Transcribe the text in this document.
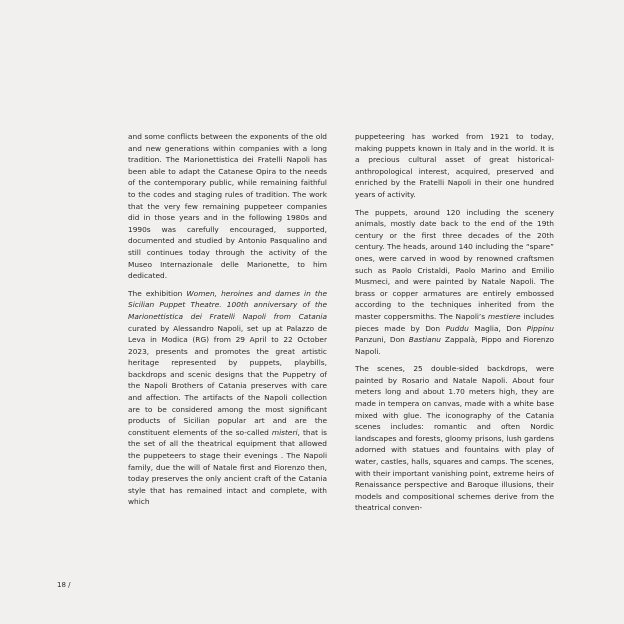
and some conflicts between the exponents of the old and new generations within companies with a long tradition. The Marionettistica dei Fratelli Napoli has been able to adapt the Catanese Opira to the needs of the contemporary public, while remaining faithful to the codes and staging rules of tradition. The work that the very few remaining puppeteer companies did in those years and in the following 1980s and 1990s was carefully encouraged, supported, documented and studied by Antonio Pasqualino and still continues today through the activity of the Museo Internazionale delle Marionette, to him dedicated.

The exhibition Women, heroines and dames in the Sicilian Puppet Theatre. 100th anniversary of the Marionettistica dei Fratelli Napoli from Catania curated by Alessandro Napoli, set up at Palazzo de Leva in Modica (RG) from 29 April to 22 October 2023, presents and promotes the great artistic heritage represented by puppets, playbills, backdrops and scenic designs that the Puppetry of the Napoli Brothers of Catania preserves with care and affection. The artifacts of the Napoli collection are to be considered among the most significant products of Sicilian popular art and are the constituent elements of the so-called misteri, that is the set of all the theatrical equipment that allowed the puppeteers to stage their evenings . The Napoli family, due the will of Natale first and Fiorenzo then, today preserves the only ancient craft of the Catania style that has remained intact and complete, with which

puppeteering has worked from 1921 to today, making puppets known in Italy and in the world. It is a precious cultural asset of great historical-anthropological interest, acquired, preserved and enriched by the Fratelli Napoli in their one hundred years of activity.

The puppets, around 120 including the scenery animals, mostly date back to the end of the 19th century or the first three decades of the 20th century. The heads, around 140 including the “spare” ones, were carved in wood by renowned craftsmen such as Paolo Cristaldi, Paolo Marino and Emilio Musmeci, and were painted by Natale Napoli. The brass or copper armatures are entirely embossed according to the techniques inherited from the master coppersmiths. The Napoli’s mestiere includes pieces made by Don Puddu Maglia, Don Pippinu Panzuni, Don Bastianu Zappalà, Pippo and Fiorenzo Napoli.

The scenes, 25 double-sided backdrops, were painted by Rosario and Natale Napoli. About four meters long and about 1.70 meters high, they are made in tempera on canvas, made with a white base mixed with glue. The iconography of the Catania scenes includes: romantic and often Nordic landscapes and forests, gloomy prisons, lush gardens adorned with statues and fountains with play of water, castles, halls, squares and camps. The scenes, with their important vanishing point, extreme heirs of Renaissance perspective and Baroque illusions, their models and compositional schemes derive from the theatrical conven-

18 /
